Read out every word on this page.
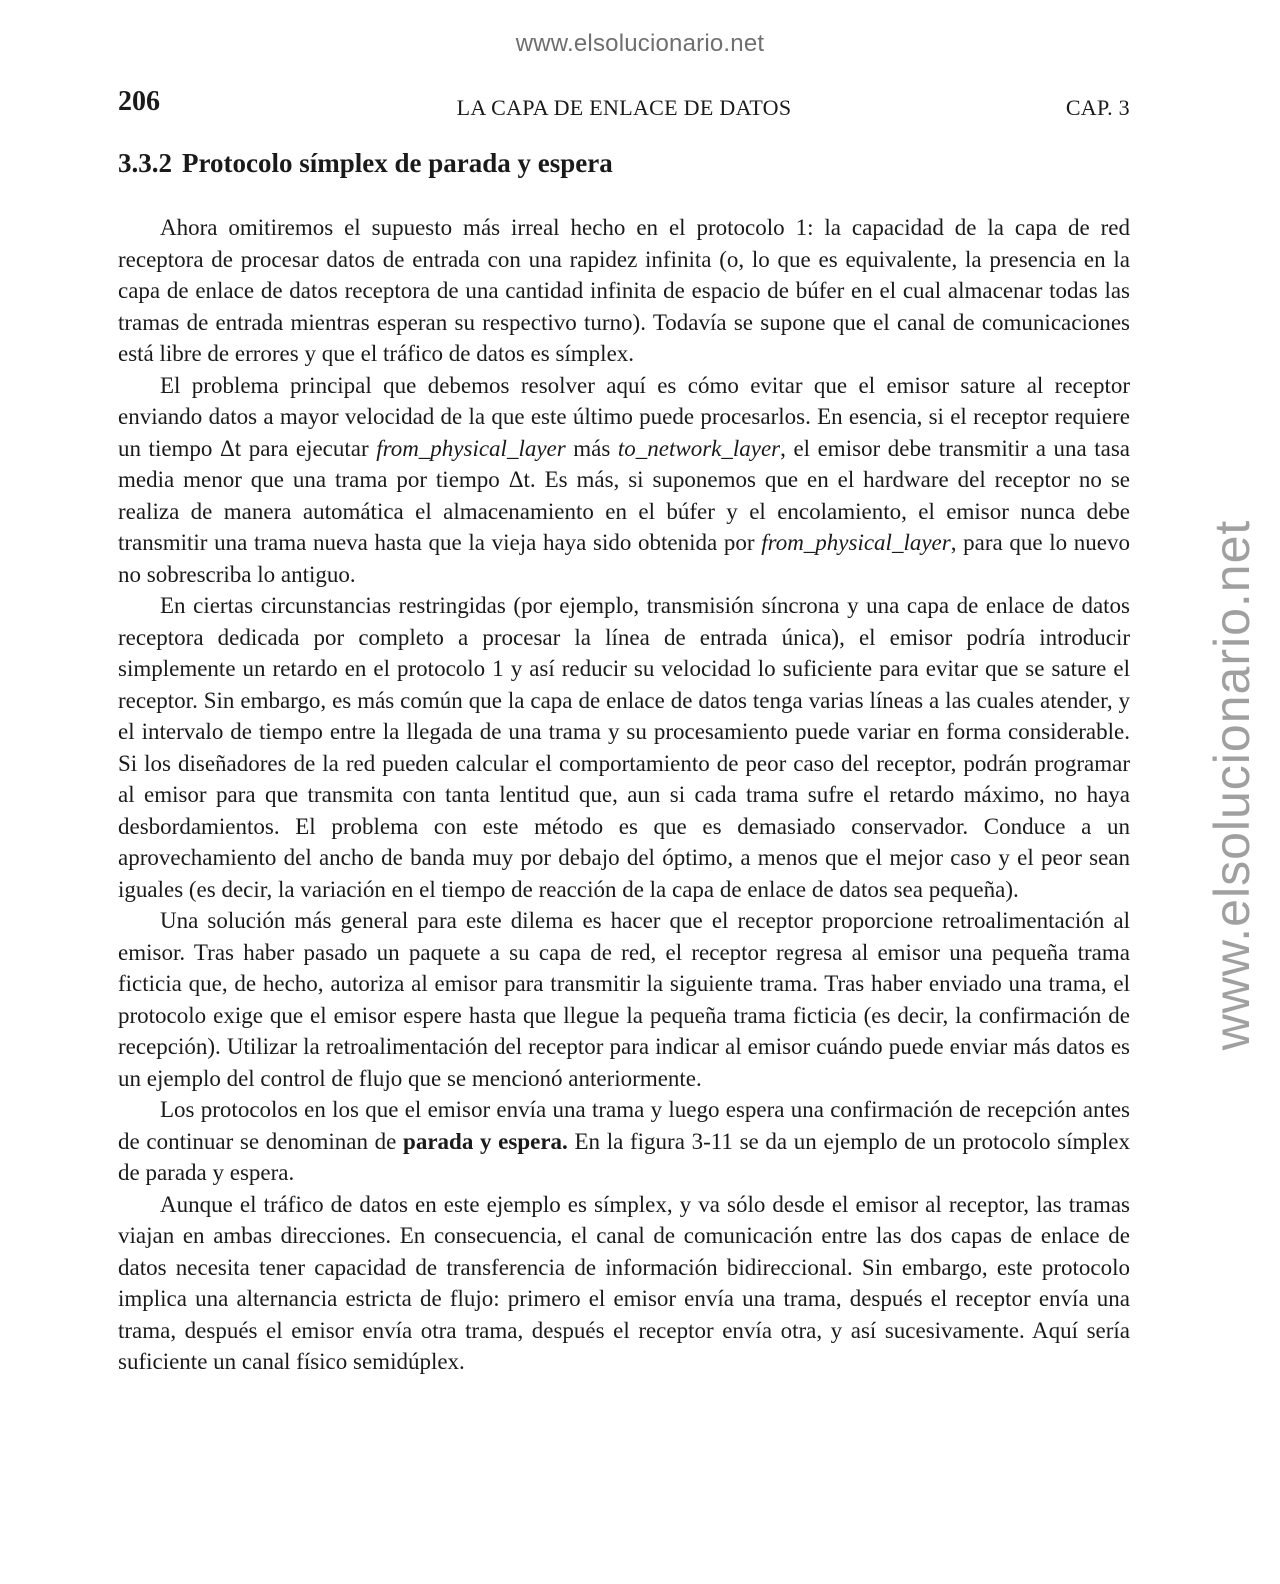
www.elsolucionario.net
www.elsolucionario.net
206	LA CAPA DE ENLACE DE DATOS	CAP. 3
3.3.2 Protocolo símplex de parada y espera

Ahora omitiremos el supuesto más irreal hecho en el protocolo 1: la capacidad de la capa de red receptora de procesar datos de entrada con una rapidez infinita (o, lo que es equivalente, la presencia en la capa de enlace de datos receptora de una cantidad infinita de espacio de búfer en el cual almacenar todas las tramas de entrada mientras esperan su respectivo turno). Todavía se supone que el canal de comunicaciones está libre de errores y que el tráfico de datos es símplex.

El problema principal que debemos resolver aquí es cómo evitar que el emisor sature al receptor enviando datos a mayor velocidad de la que este último puede procesarlos. En esencia, si el receptor requiere un tiempo Δt para ejecutar from_physical_layer más to_network_layer, el emisor debe transmitir a una tasa media menor que una trama por tiempo Δt. Es más, si suponemos que en el hardware del receptor no se realiza de manera automática el almacenamiento en el búfer y el encolamiento, el emisor nunca debe transmitir una trama nueva hasta que la vieja haya sido obtenida por from_physical_layer, para que lo nuevo no sobrescriba lo antiguo.

En ciertas circunstancias restringidas (por ejemplo, transmisión síncrona y una capa de enlace de datos receptora dedicada por completo a procesar la línea de entrada única), el emisor podría introducir simplemente un retardo en el protocolo 1 y así reducir su velocidad lo suficiente para evitar que se sature el receptor. Sin embargo, es más común que la capa de enlace de datos tenga varias líneas a las cuales atender, y el intervalo de tiempo entre la llegada de una trama y su procesamiento puede variar en forma considerable. Si los diseñadores de la red pueden calcular el comportamiento de peor caso del receptor, podrán programar al emisor para que transmita con tanta lentitud que, aun si cada trama sufre el retardo máximo, no haya desbordamientos. El problema con este método es que es demasiado conservador. Conduce a un aprovechamiento del ancho de banda muy por debajo del óptimo, a menos que el mejor caso y el peor sean iguales (es decir, la variación en el tiempo de reacción de la capa de enlace de datos sea pequeña).

Una solución más general para este dilema es hacer que el receptor proporcione retroalimentación al emisor. Tras haber pasado un paquete a su capa de red, el receptor regresa al emisor una pequeña trama ficticia que, de hecho, autoriza al emisor para transmitir la siguiente trama. Tras haber enviado una trama, el protocolo exige que el emisor espere hasta que llegue la pequeña trama ficticia (es decir, la confirmación de recepción). Utilizar la retroalimentación del receptor para indicar al emisor cuándo puede enviar más datos es un ejemplo del control de flujo que se mencionó anteriormente.

Los protocolos en los que el emisor envía una trama y luego espera una confirmación de recepción antes de continuar se denominan de parada y espera. En la figura 3-11 se da un ejemplo de un protocolo símplex de parada y espera.

Aunque el tráfico de datos en este ejemplo es símplex, y va sólo desde el emisor al receptor, las tramas viajan en ambas direcciones. En consecuencia, el canal de comunicación entre las dos capas de enlace de datos necesita tener capacidad de transferencia de información bidireccional. Sin embargo, este protocolo implica una alternancia estricta de flujo: primero el emisor envía una trama, después el receptor envía una trama, después el emisor envía otra trama, después el receptor envía otra, y así sucesivamente. Aquí sería suficiente un canal físico semidúplex.
